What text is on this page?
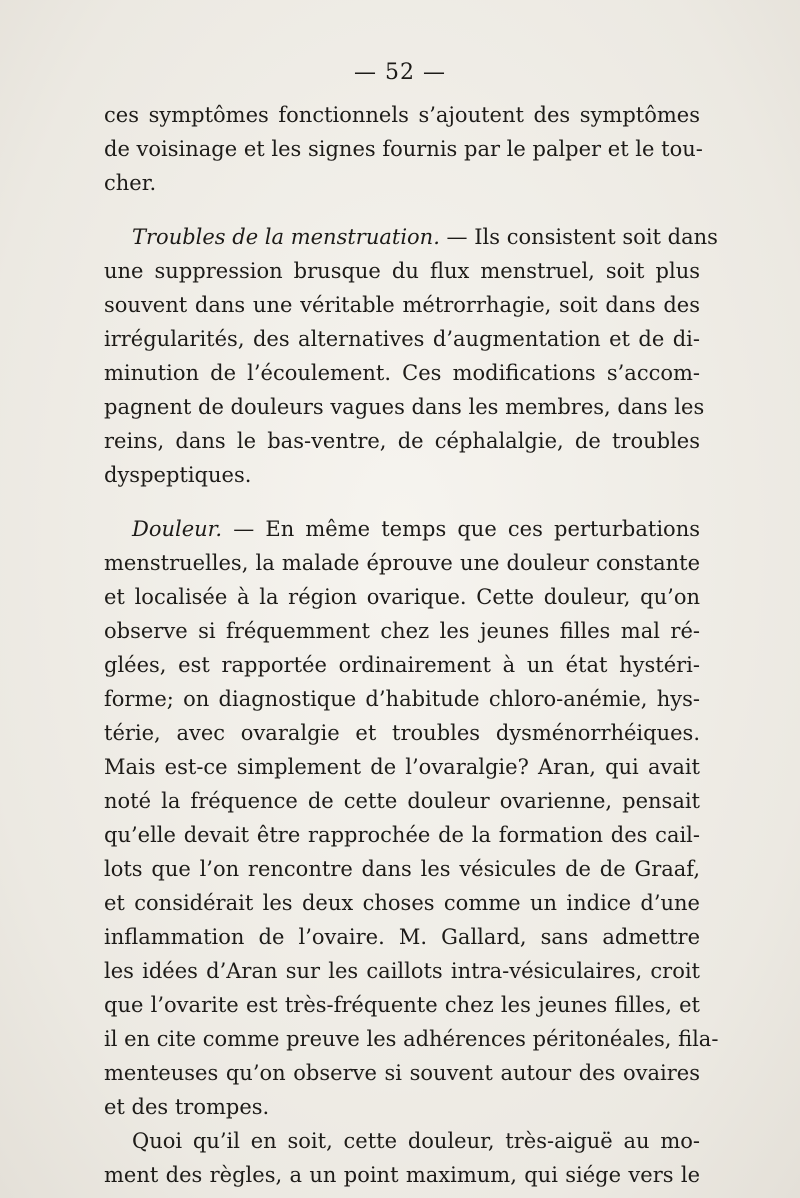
— 52 —
ces symptômes fonctionnels s’ajoutent des symptômes
de voisinage et les signes fournis par le palper et le tou-
cher.
Troubles de la menstruation. — Ils consistent soit dans
une suppression brusque du flux menstruel, soit plus
souvent dans une véritable métrorrhagie, soit dans des
irrégularités, des alternatives d’augmentation et de di-
minution de l’écoulement. Ces modifications s’accom-
pagnent de douleurs vagues dans les membres, dans les
reins, dans le bas-ventre, de céphalalgie, de troubles
dyspeptiques.
Douleur. — En même temps que ces perturbations
menstruelles, la malade éprouve une douleur constante
et localisée à la région ovarique. Cette douleur, qu’on
observe si fréquemment chez les jeunes filles mal ré-
glées, est rapportée ordinairement à un état hystéri-
forme; on diagnostique d’habitude chloro-anémie, hys-
térie, avec ovaralgie et troubles dysménorrhéiques.
Mais est-ce simplement de l’ovaralgie? Aran, qui avait
noté la fréquence de cette douleur ovarienne, pensait
qu’elle devait être rapprochée de la formation des cail-
lots que l’on rencontre dans les vésicules de de Graaf,
et considérait les deux choses comme un indice d’une
inflammation de l’ovaire. M. Gallard, sans admettre
les idées d’Aran sur les caillots intra-vésiculaires, croit
que l’ovarite est très-fréquente chez les jeunes filles, et
il en cite comme preuve les adhérences péritonéales, fila-
menteuses qu’on observe si souvent autour des ovaires
et des trompes.
Quoi qu’il en soit, cette douleur, très-aiguë au mo-
ment des règles, a un point maximum, qui siége vers le
